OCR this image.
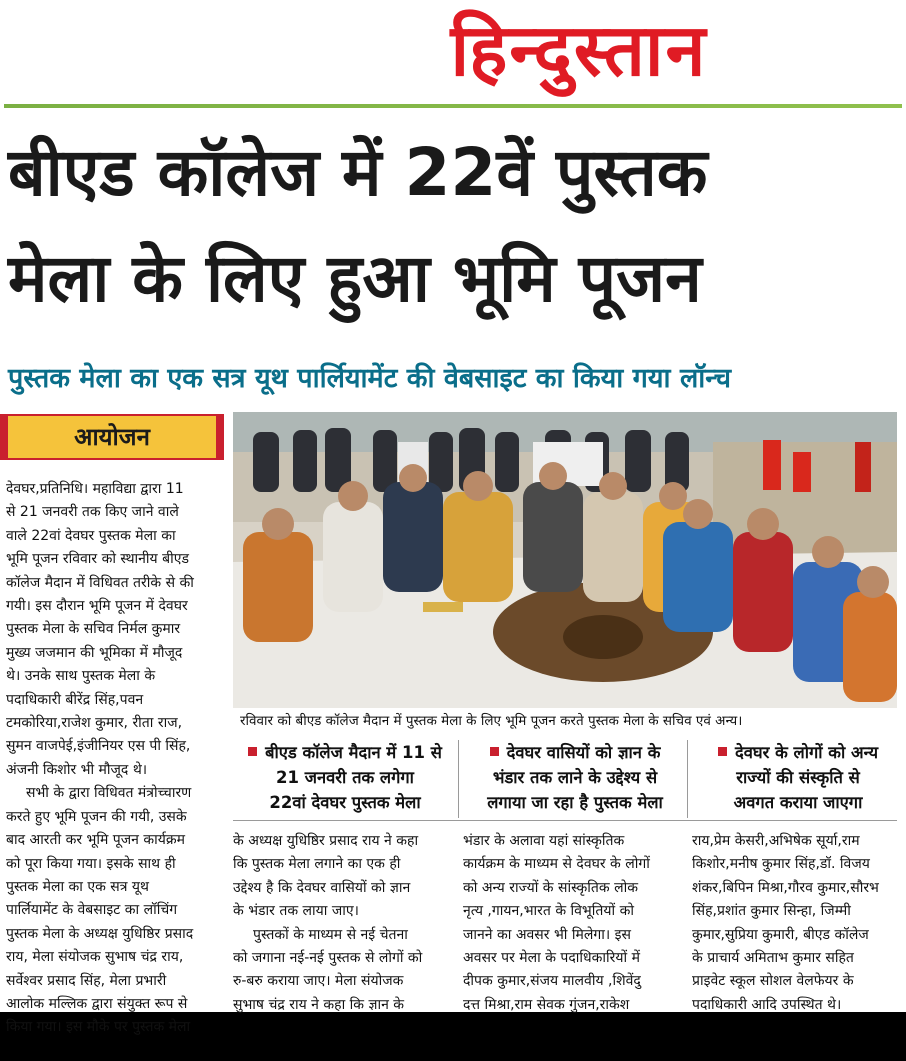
हिन्दुस्तान
बीएड कॉलेज में 22वें पुस्तक
मेला के लिए हुआ भूमि पूजन
पुस्तक मेला का एक सत्र यूथ पार्लियामेंट की वेबसाइट का किया गया लॉन्च
आयोजन
रविवार को बीएड कॉलेज मैदान में पुस्तक मेला के लिए भूमि पूजन करते पुस्तक मेला के सचिव एवं अन्य।
बीएड कॉलेज मैदान में 11 से
21 जनवरी तक लगेगा
22वां देवघर पुस्तक मेला
देवघर वासियों को ज्ञान के
भंडार तक लाने के उद्देश्य से
लगाया जा रहा है पुस्तक मेला
देवघर के लोगों को अन्य
राज्यों की संस्कृति से
अवगत कराया जाएगा
देवघर,प्रतिनिधि। महाविद्या द्वारा 11
से 21 जनवरी तक किए जाने वाले
वाले 22वां देवघर पुस्तक मेला का
भूमि पूजन रविवार को स्थानीय बीएड
कॉलेज मैदान में विधिवत तरीके से की
गयी। इस दौरान भूमि पूजन में देवघर
पुस्तक मेला के सचिव निर्मल कुमार
मुख्य जजमान की भूमिका में मौजूद
थे। उनके साथ पुस्तक मेला के
पदाधिकारी बीरेंद्र सिंह,पवन
टमकोरिया,राजेश कुमार, रीता राज,
सुमन वाजपेई,इंजीनियर एस पी सिंह,
अंजनी किशोर भी मौजूद थे।
सभी के द्वारा विधिवत मंत्रोच्चारण
करते हुए भूमि पूजन की गयी, उसके
बाद आरती कर भूमि पूजन कार्यक्रम
को पूरा किया गया। इसके साथ ही
पुस्तक मेला का एक सत्र यूथ
पार्लियामेंट के वेबसाइट का लॉचिंग
पुस्तक मेला के अध्यक्ष युधिष्ठिर प्रसाद
राय, मेला संयोजक सुभाष चंद्र राय,
सर्वेश्वर प्रसाद सिंह, मेला प्रभारी
आलोक मल्लिक द्वारा संयुक्त रूप से
किया गया। इस मौके पर पुस्तक मेला
के अध्यक्ष युधिष्ठिर प्रसाद राय ने कहा
कि पुस्तक मेला लगाने का एक ही
उद्देश्य है कि देवघर वासियों को ज्ञान
के भंडार तक लाया जाए।
पुस्तकों के माध्यम से नई चेतना
को जगाना नई-नई पुस्तक से लोगों को
रु-बरु कराया जाए। मेला संयोजक
सुभाष चंद्र राय ने कहा कि ज्ञान के
भंडार के अलावा यहां सांस्कृतिक
कार्यक्रम के माध्यम से देवघर के लोगों
को अन्य राज्यों के सांस्कृतिक लोक
नृत्य ,गायन,भारत के विभूतियों को
जानने का अवसर भी मिलेगा। इस
अवसर पर मेला के पदाधिकारियों में
दीपक कुमार,संजय मालवीय ,शिवेंदु
दत्त मिश्रा,राम सेवक गुंजन,राकेश
राय,प्रेम केसरी,अभिषेक सूर्या,राम
किशोर,मनीष कुमार सिंह,डॉ. विजय
शंकर,बिपिन मिश्रा,गौरव कुमार,सौरभ
सिंह,प्रशांत कुमार सिन्हा, जिम्मी
कुमार,सुप्रिया कुमारी, बीएड कॉलेज
के प्राचार्य अमिताभ कुमार सहित
प्राइवेट स्कूल सोशल वेलफेयर के
पदाधिकारी आदि उपस्थित थे।
